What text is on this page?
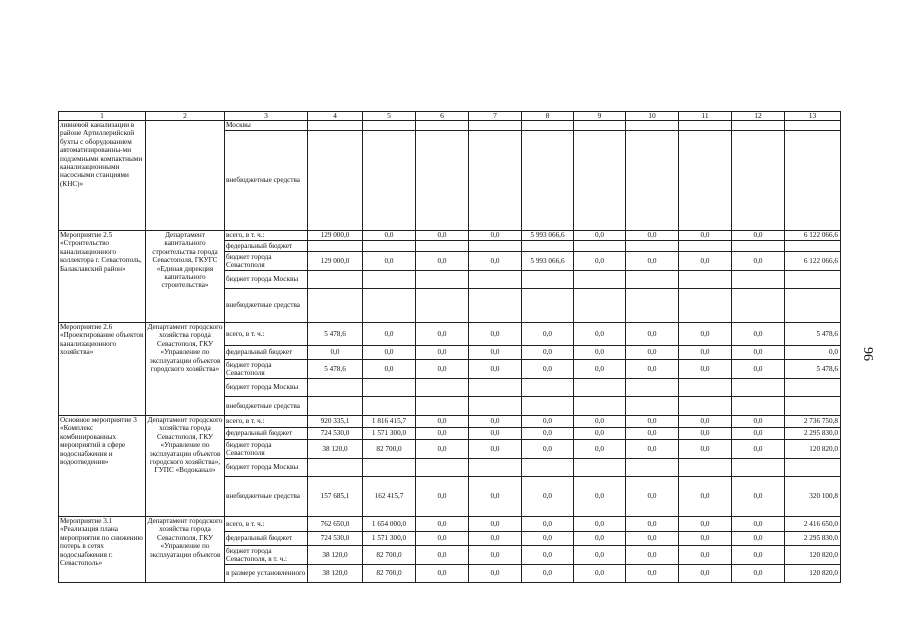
1	2	3	4	5	6	7	8	9	10	11	12	13
ливневой канализации в районе Артиллерийской бухты с оборудованием автоматизированны-ми подземными компактными канализационными насосными станциями (КНС)»		Москвы										
		внебюджетные средства										
Мероприятие 2.5 «Строительство канализационного коллектора г. Севастополь, Балаклавский район»	Департамент капитального строительства города Севастополя, ГКУГС «Единая дирекция капитального строительства»	всего, в т. ч.:	129 000,0	0,0	0,0	0,0	5 993 066,6	0,0	0,0	0,0	0,0	6 122 066,6
		федеральный бюджет										
		бюджет города Севастополя	129 000,0	0,0	0,0	0,0	5 993 066,6	0,0	0,0	0,0	0,0	6 122 066,6
		бюджет города Москвы										
		внебюджетные средства										
Мероприятие 2.6 «Проектирование объектов канализационного хозяйства»	Департамент городского хозяйства города Севастополя, ГКУ «Управление по эксплуатации объектов городского хозяйства»	всего, в т. ч.:	5 478,6	0,0	0,0	0,0	0,0	0,0	0,0	0,0	0,0	5 478,6
		федеральный бюджет	0,0	0,0	0,0	0,0	0,0	0,0	0,0	0,0	0,0	0,0
		бюджет города Севастополя	5 478,6	0,0	0,0	0,0	0,0	0,0	0,0	0,0	0,0	5 478,6
		бюджет города Москвы										
		внебюджетные средства										
Основное мероприятие 3 «Комплекс комбинированных мероприятий в сфере водоснабжения и водоотведения»	Департамент городского хозяйства города Севастополя, ГКУ «Управление по эксплуатации объектов городского хозяйства», ГУПС «Водоканал»	всего, в т. ч.:	920 335,1	1 816 415,7	0,0	0,0	0,0	0,0	0,0	0,0	0,0	2 736 750,8
		федеральный бюджет	724 530,0	1 571 300,0	0,0	0,0	0,0	0,0	0,0	0,0	0,0	2 295 830,0
		бюджет города Севастополя	38 120,0	82 700,0	0,0	0,0	0,0	0,0	0,0	0,0	0,0	120 820,0
		бюджет города Москвы										
		внебюджетные средства	157 685,1	162 415,7	0,0	0,0	0,0	0,0	0,0	0,0	0,0	320 100,8
Мероприятие 3.1 «Реализация плана мероприятия по снижению потерь в сетях водоснабжения г. Севастополь»	Департамент городского хозяйства города Севастополя, ГКУ «Управление по эксплуатации объектов	всего, в т. ч.:	762 650,0	1 654 000,0	0,0	0,0	0,0	0,0	0,0	0,0	0,0	2 416 650,0
		федеральный бюджет	724 530,0	1 571 300,0	0,0	0,0	0,0	0,0	0,0	0,0	0,0	2 295 830,0
		бюджет города Севастополя, в т. ч.:	38 120,0	82 700,0	0,0	0,0	0,0	0,0	0,0	0,0	0,0	120 820,0
		в размере установленного	38 120,0	82 700,0	0,0	0,0	0,0	0,0	0,0	0,0	0,0	120 820,0
96
